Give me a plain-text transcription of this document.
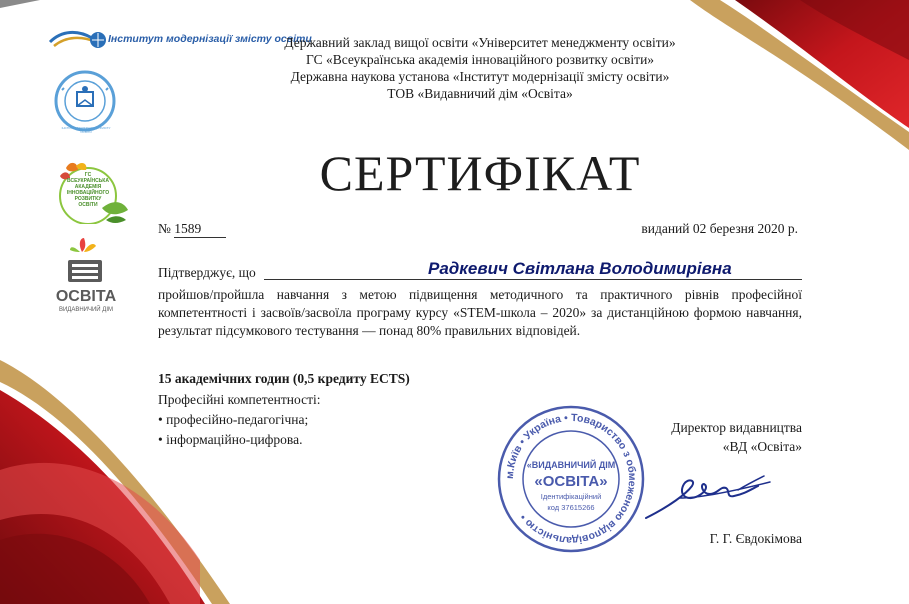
Інститут модернізації змісту освіти
ІНСТИТУТ МОДЕРНІЗАЦІЇ ЗМІСТУ ОСВІТИ
ГС ВСЕУКРАЇНСЬКА АКАДЕМІЯ ІННОВАЦІЙНОГО РОЗВИТКУ ОСВІТИ
ОСВІТА
ВИДАВНИЧИЙ ДІМ
Державний заклад вищої освіти «Університет менеджменту освіти»
ГС «Всеукраїнська академія інноваційного розвитку освіти»
Державна наукова установа «Інститут модернізації змісту освіти»
ТОВ «Видавничий дім «Освіта»
СЕРТИФІКАТ
№ 1589	виданий 02 березня 2020 р.
Підтверджує, що	Радкевич Світлана Володимирівна
пройшов/пройшла навчання з метою підвищення методичного та практичного рівнів професійної компетентності і засвоїв/засвоїла програму курсу «STEM-школа – 2020» за дистанційною формою навчання, результат підсумкового тестування — понад 80% правильних відповідей.
15 академічних годин (0,5 кредиту ECTS)
Професійні компетентності:
• професійно-педагогічна;
• інформаційно-цифрова.
м.Київ • Україна • Товариство з обмеженою відповідальністю •
«ВИДАВНИЧИЙ ДІМ
«ОСВІТА»
Ідентифікаційний
код 37615266
Директор видавництва
«ВД «Освіта»
Г. Г. Євдокімова
